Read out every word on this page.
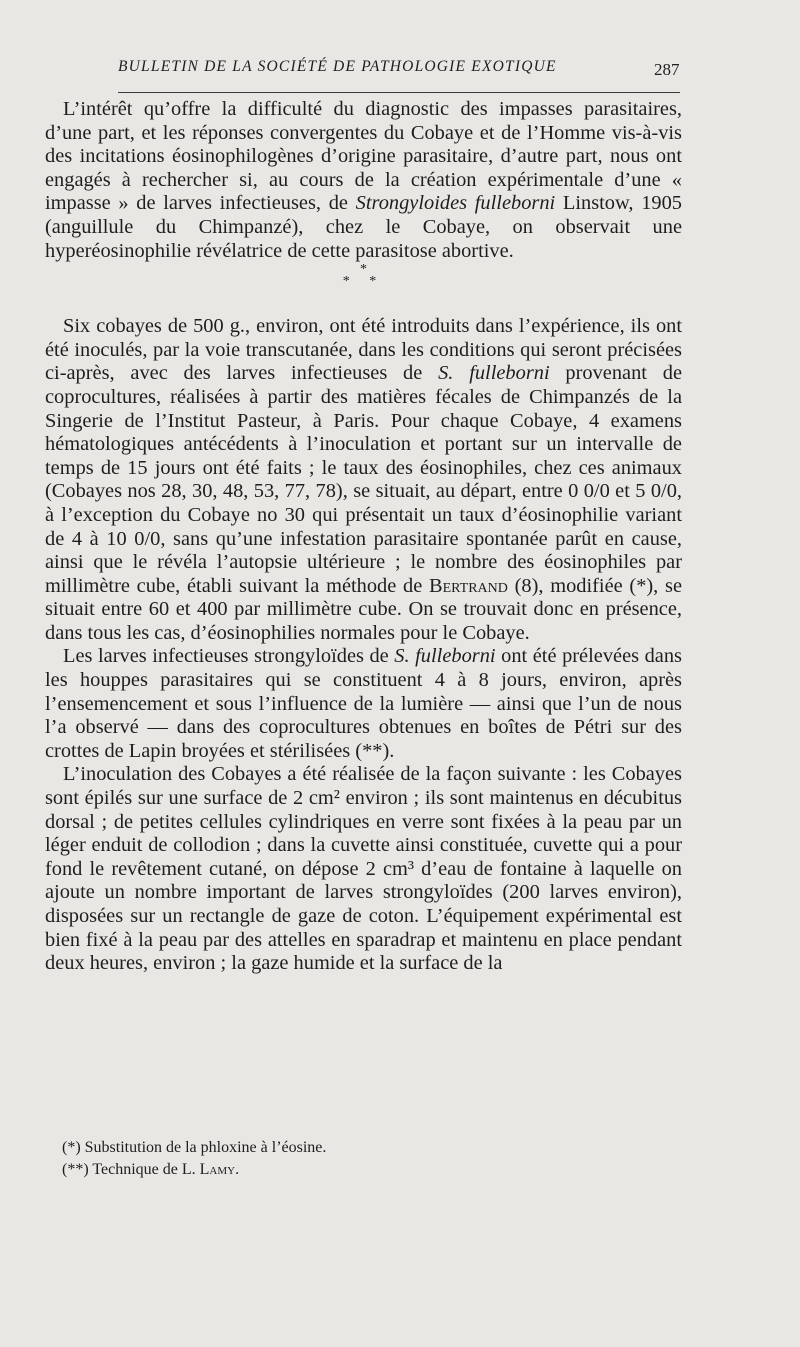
BULLETIN DE LA SOCIÉTÉ DE PATHOLOGIE EXOTIQUE	287

L’intérêt qu’offre la difficulté du diagnostic des impasses parasitaires, d’une part, et les réponses convergentes du Cobaye et de l’Homme vis-à-vis des incitations éosinophilogènes d’origine parasitaire, d’autre part, nous ont engagés à rechercher si, au cours de la création expérimentale d’une « impasse » de larves infectieuses, de Strongyloides fulleborni Linstow, 1905 (anguillule du Chimpanzé), chez le Cobaye, on observait une hyperéosinophilie révélatrice de cette parasitose abortive.

*
* *

Six cobayes de 500 g., environ, ont été introduits dans l’expérience, ils ont été inoculés, par la voie transcutanée, dans les conditions qui seront précisées ci-après, avec des larves infectieuses de S. fulleborni provenant de coprocultures, réalisées à partir des matières fécales de Chimpanzés de la Singerie de l’Institut Pasteur, à Paris. Pour chaque Cobaye, 4 examens hématologiques antécédents à l’inoculation et portant sur un intervalle de temps de 15 jours ont été faits ; le taux des éosinophiles, chez ces animaux (Cobayes nos 28, 30, 48, 53, 77, 78), se situait, au départ, entre 0 0/0 et 5 0/0, à l’exception du Cobaye no 30 qui présentait un taux d’éosinophilie variant de 4 à 10 0/0, sans qu’une infestation parasitaire spontanée parût en cause, ainsi que le révéla l’autopsie ultérieure ; le nombre des éosinophiles par millimètre cube, établi suivant la méthode de Bertrand (8), modifiée (*), se situait entre 60 et 400 par millimètre cube. On se trouvait donc en présence, dans tous les cas, d’éosinophilies normales pour le Cobaye.

Les larves infectieuses strongyloïdes de S. fulleborni ont été prélevées dans les houppes parasitaires qui se constituent 4 à 8 jours, environ, après l’ensemencement et sous l’influence de la lumière — ainsi que l’un de nous l’a observé — dans des coprocultures obtenues en boîtes de Pétri sur des crottes de Lapin broyées et stérilisées (**).

L’inoculation des Cobayes a été réalisée de la façon suivante : les Cobayes sont épilés sur une surface de 2 cm² environ ; ils sont maintenus en décubitus dorsal ; de petites cellules cylindriques en verre sont fixées à la peau par un léger enduit de collodion ; dans la cuvette ainsi constituée, cuvette qui a pour fond le revêtement cutané, on dépose 2 cm³ d’eau de fontaine à laquelle on ajoute un nombre important de larves strongyloïdes (200 larves environ), disposées sur un rectangle de gaze de coton. L’équipement expérimental est bien fixé à la peau par des attelles en sparadrap et maintenu en place pendant deux heures, environ ; la gaze humide et la surface de la

(*) Substitution de la phloxine à l’éosine.
(**) Technique de L. Lamy.
